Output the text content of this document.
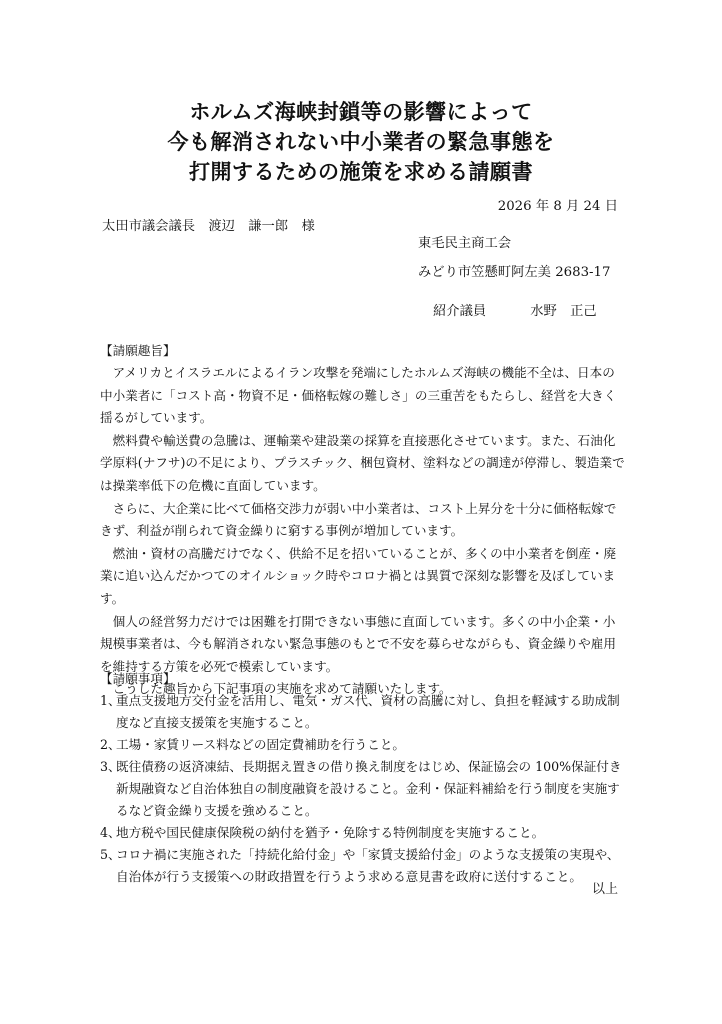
ホルムズ海峡封鎖等の影響によって
今も解消されない中小業者の緊急事態を
打開するための施策を求める請願書
2026 年 8 月 24 日
太田市議会議長　渡辺　謙一郎　様
東毛民主商工会
みどり市笠懸町阿左美 2683-17
紹介議員	水野　正己
【請願趣旨】

アメリカとイスラエルによるイラン攻撃を発端にしたホルムズ海峡の機能不全は、日本の中小業者に「コスト高・物資不足・価格転嫁の難しさ」の三重苦をもたらし、経営を大きく揺るがしています。

燃料費や輸送費の急騰は、運輸業や建設業の採算を直接悪化させています。また、石油化学原料(ナフサ)の不足により、プラスチック、梱包資材、塗料などの調達が停滞し、製造業では操業率低下の危機に直面しています。

さらに、大企業に比べて価格交渉力が弱い中小業者は、コスト上昇分を十分に価格転嫁できず、利益が削られて資金繰りに窮する事例が増加しています。

燃油・資材の高騰だけでなく、供給不足を招いていることが、多くの中小業者を倒産・廃業に追い込んだかつてのオイルショック時やコロナ禍とは異質で深刻な影響を及ぼしています。

個人の経営努力だけでは困難を打開できない事態に直面しています。多くの中小企業・小規模事業者は、今も解消されない緊急事態のもとで不安を募らせながらも、資金繰りや雇用を維持する方策を必死で模索しています。

こうした趣旨から下記事項の実施を求めて請願いたします。

【請願事項】
1、
重点支援地方交付金を活用し、電気・ガス代、資材の高騰に対し、負担を軽減する助成制度など直接支援策を実施すること。
2、
工場・家賃リース料などの固定費補助を行うこと。
3、
既往債務の返済凍結、長期据え置きの借り換え制度をはじめ、保証協会の 100%保証付き新規融資など自治体独自の制度融資を設けること。金利・保証料補給を行う制度を実施するなど資金繰り支援を強めること。
4、
地方税や国民健康保険税の納付を猶予・免除する特例制度を実施すること。
5、
コロナ禍に実施された「持続化給付金」や「家賃支援給付金」のような支援策の実現や、自治体が行う支援策への財政措置を行うよう求める意見書を政府に送付すること。
以上
